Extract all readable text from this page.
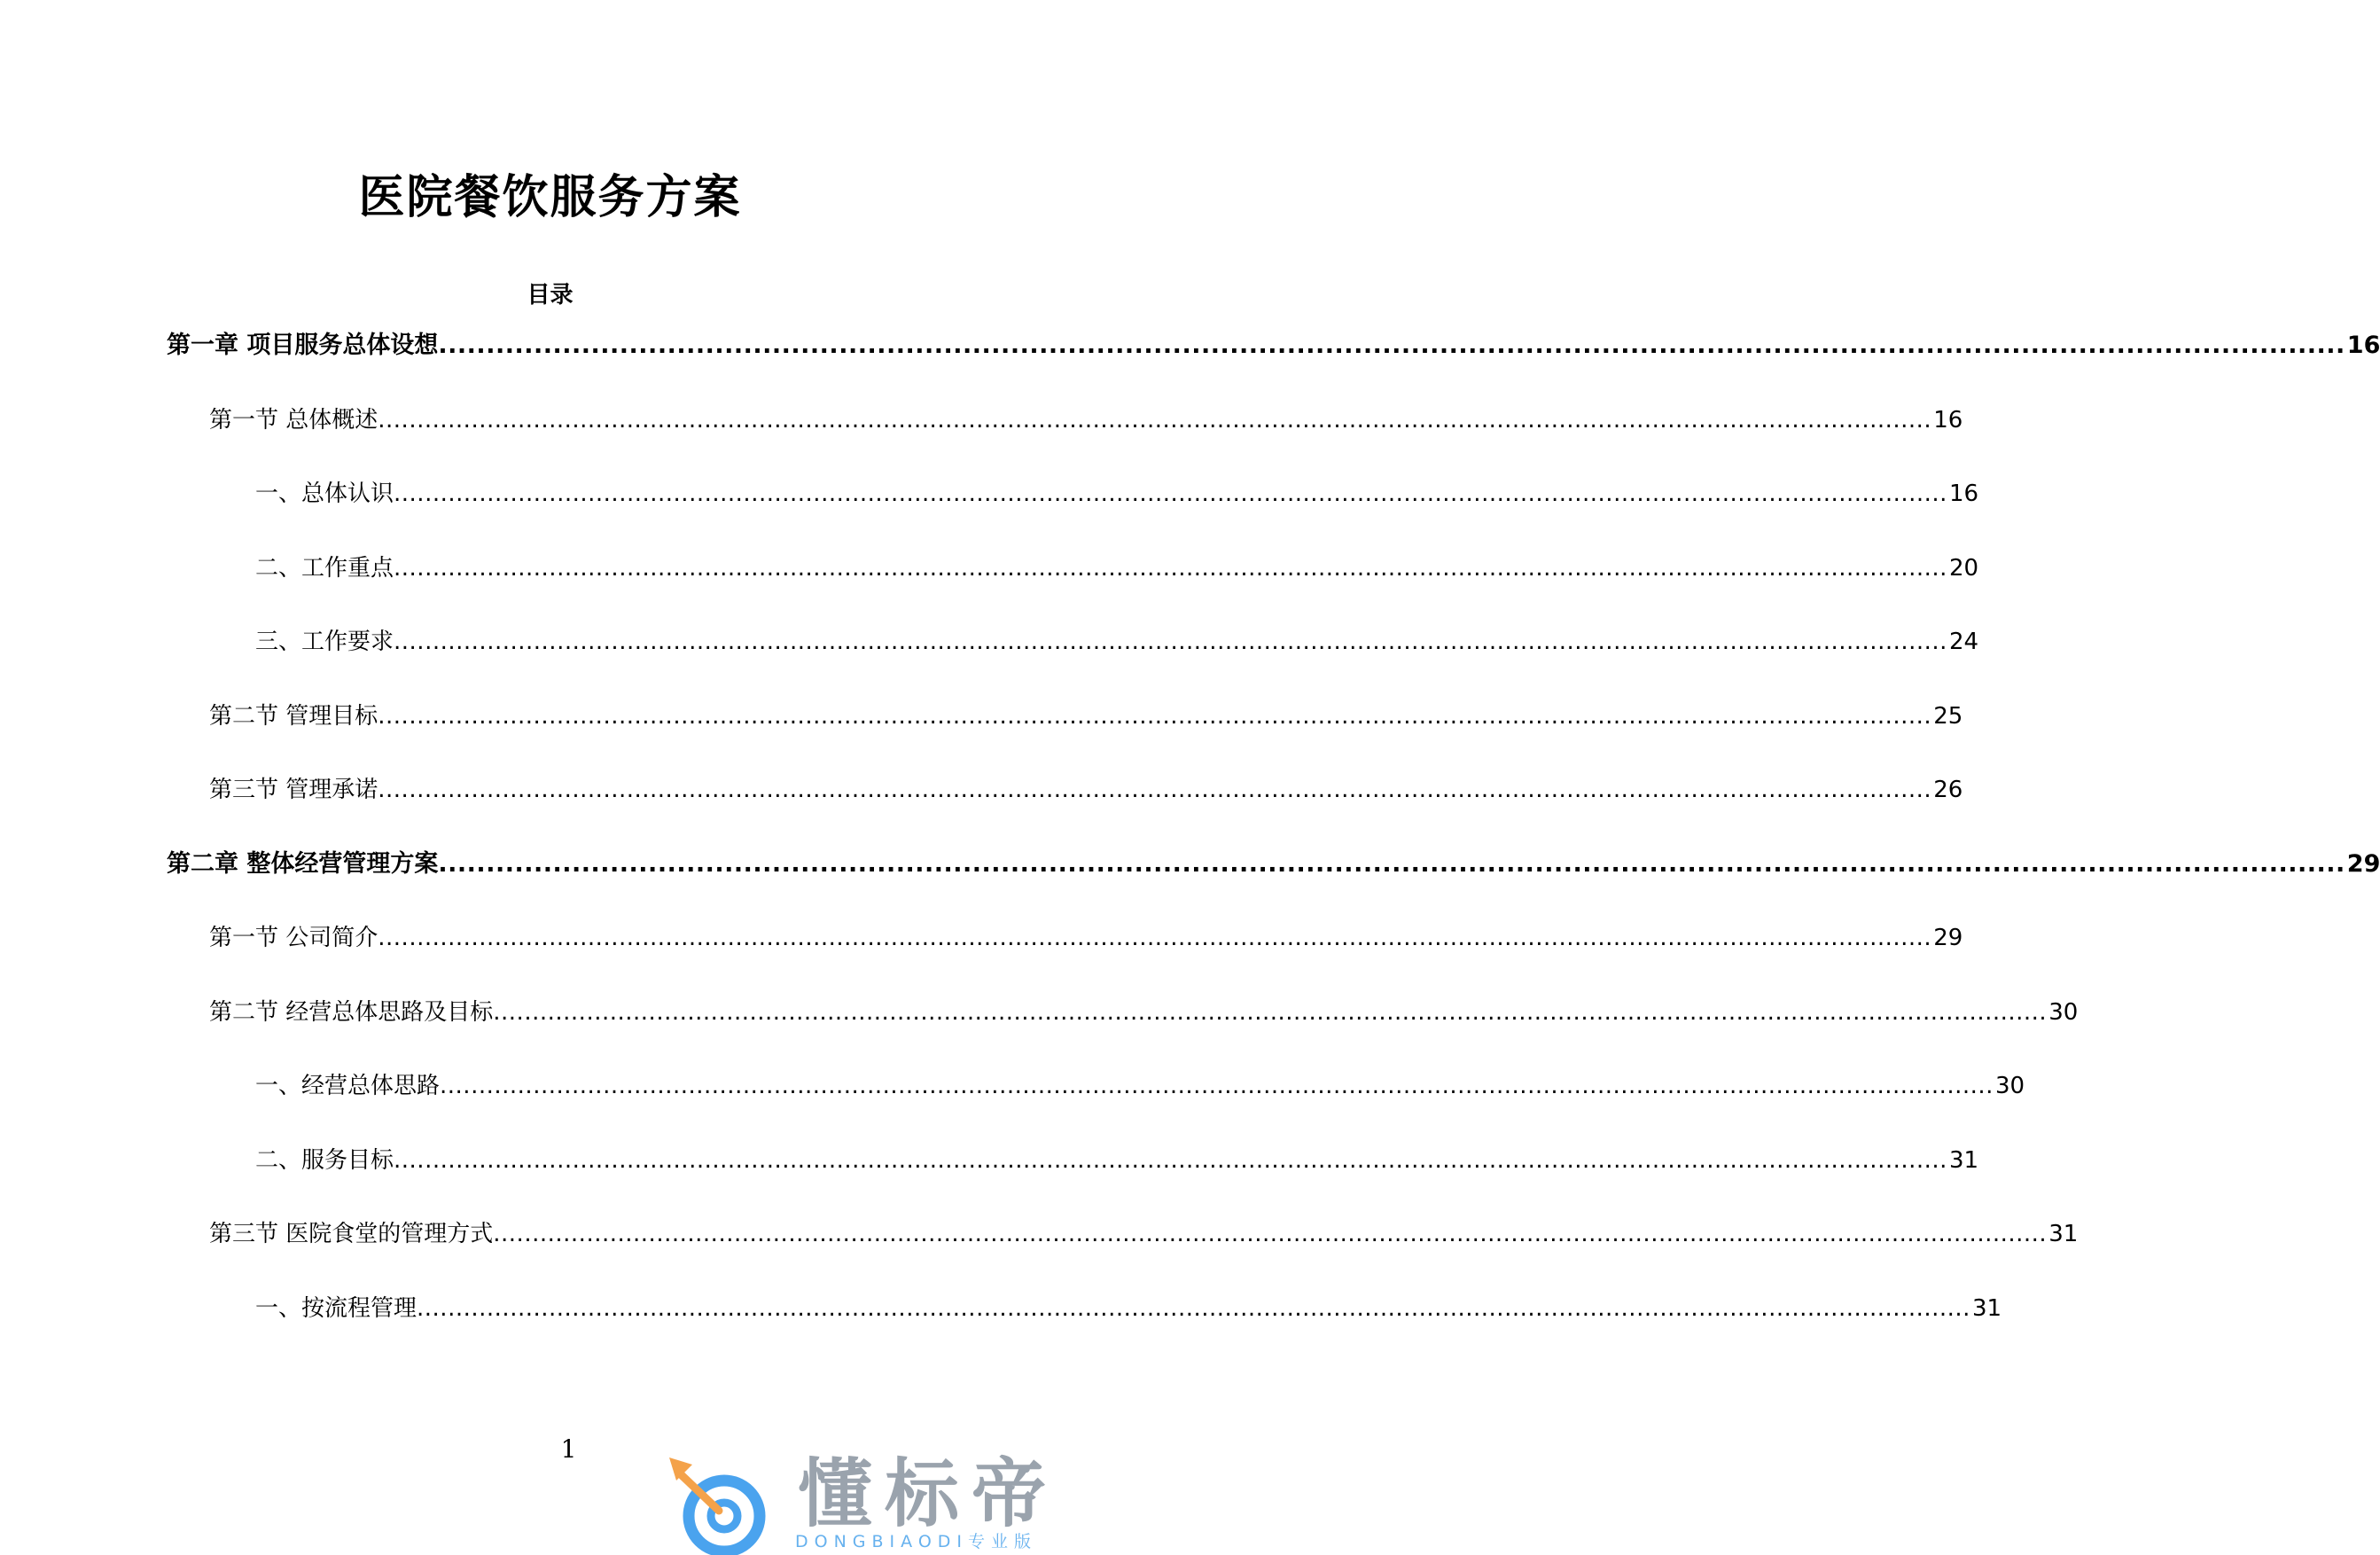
医院餐饮服务方案
目录
第一章 项目服务总体设想 ........................................................................................................................................................................................................ 16
第一节 总体概述 ........................................................................................................................................................................................................ 16
一、总体认识 ........................................................................................................................................................................................................ 16
二、工作重点 ........................................................................................................................................................................................................ 20
三、工作要求 ........................................................................................................................................................................................................ 24
第二节 管理目标 ........................................................................................................................................................................................................ 25
第三节 管理承诺 ........................................................................................................................................................................................................ 26
第二章 整体经营管理方案 ........................................................................................................................................................................................................ 29
第一节 公司简介 ........................................................................................................................................................................................................ 29
第二节 经营总体思路及目标 ........................................................................................................................................................................................................ 30
一、经营总体思路 ........................................................................................................................................................................................................ 30
二、服务目标 ........................................................................................................................................................................................................ 31
第三节 医院食堂的管理方式 ........................................................................................................................................................................................................ 31
一、按流程管理 ........................................................................................................................................................................................................ 31
1
懂标帝
DONGBIAODI专业版
